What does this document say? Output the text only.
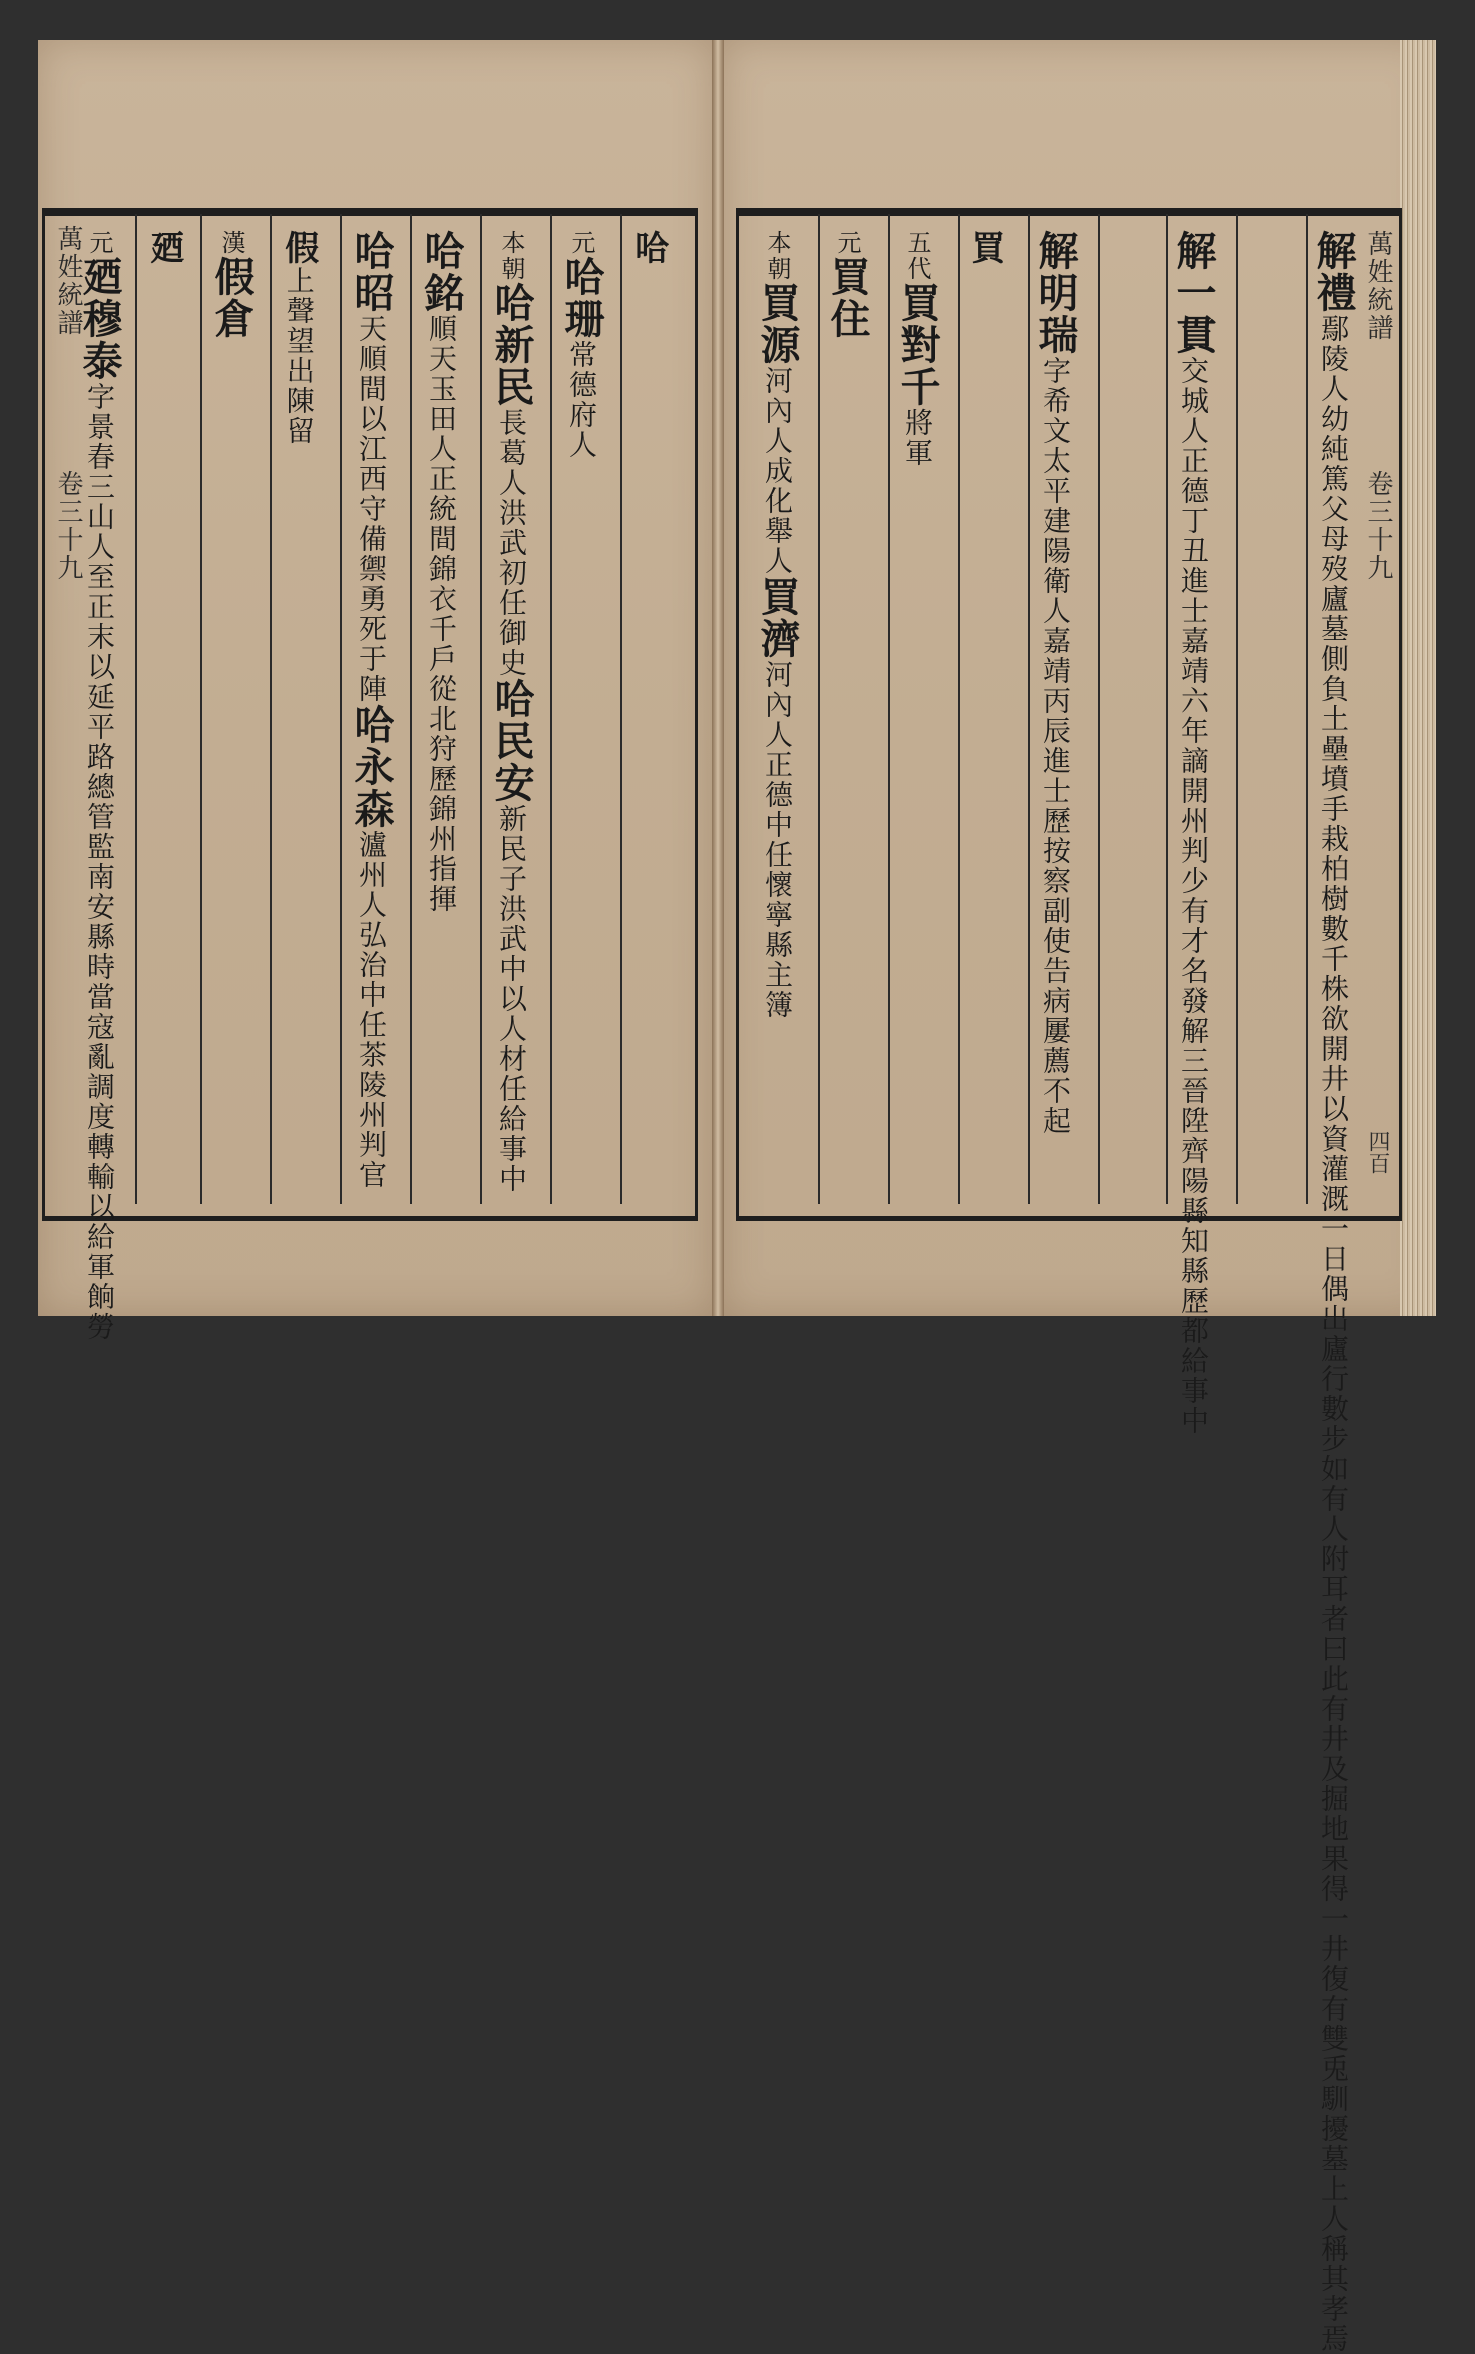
萬姓統譜
卷三十九
萬姓統譜
卷三十九
四百
哈
元哈珊常德府人
本朝哈新民長葛人洪武初任御史哈民安新民子洪武中以人材任給事中
哈銘順天玉田人正統間錦衣千戶從北狩歷錦州指揮
哈昭天順間以江西守備禦勇死于陣哈永森瀘州人弘治中任茶陵州判官
假上聲望出陳留
漢假倉
廼
元廼穆泰字景春三山人至正末以延平路總管監南安縣時當寇亂調度轉輸以給軍餉勞
解禮鄢陵人幼純篤父母歿廬墓側負土壘墳手栽柏樹數千株欲開井以資灌溉一日偶出廬行數步如有人附耳者曰此有井及掘地果得一井復有雙兎馴擾墓上人稱其孝焉
解一貫交城人正德丁丑進士嘉靖六年謫開州判少有才名發解三晉陞齊陽縣知縣歷都給事中
解明瑞字希文太平建陽衛人嘉靖丙辰進士歷按察副使告病屢薦不起
買
五代買對千將軍
元買住
本朝買源河內人成化舉人買濟河內人正德中任懷寧縣主簿
